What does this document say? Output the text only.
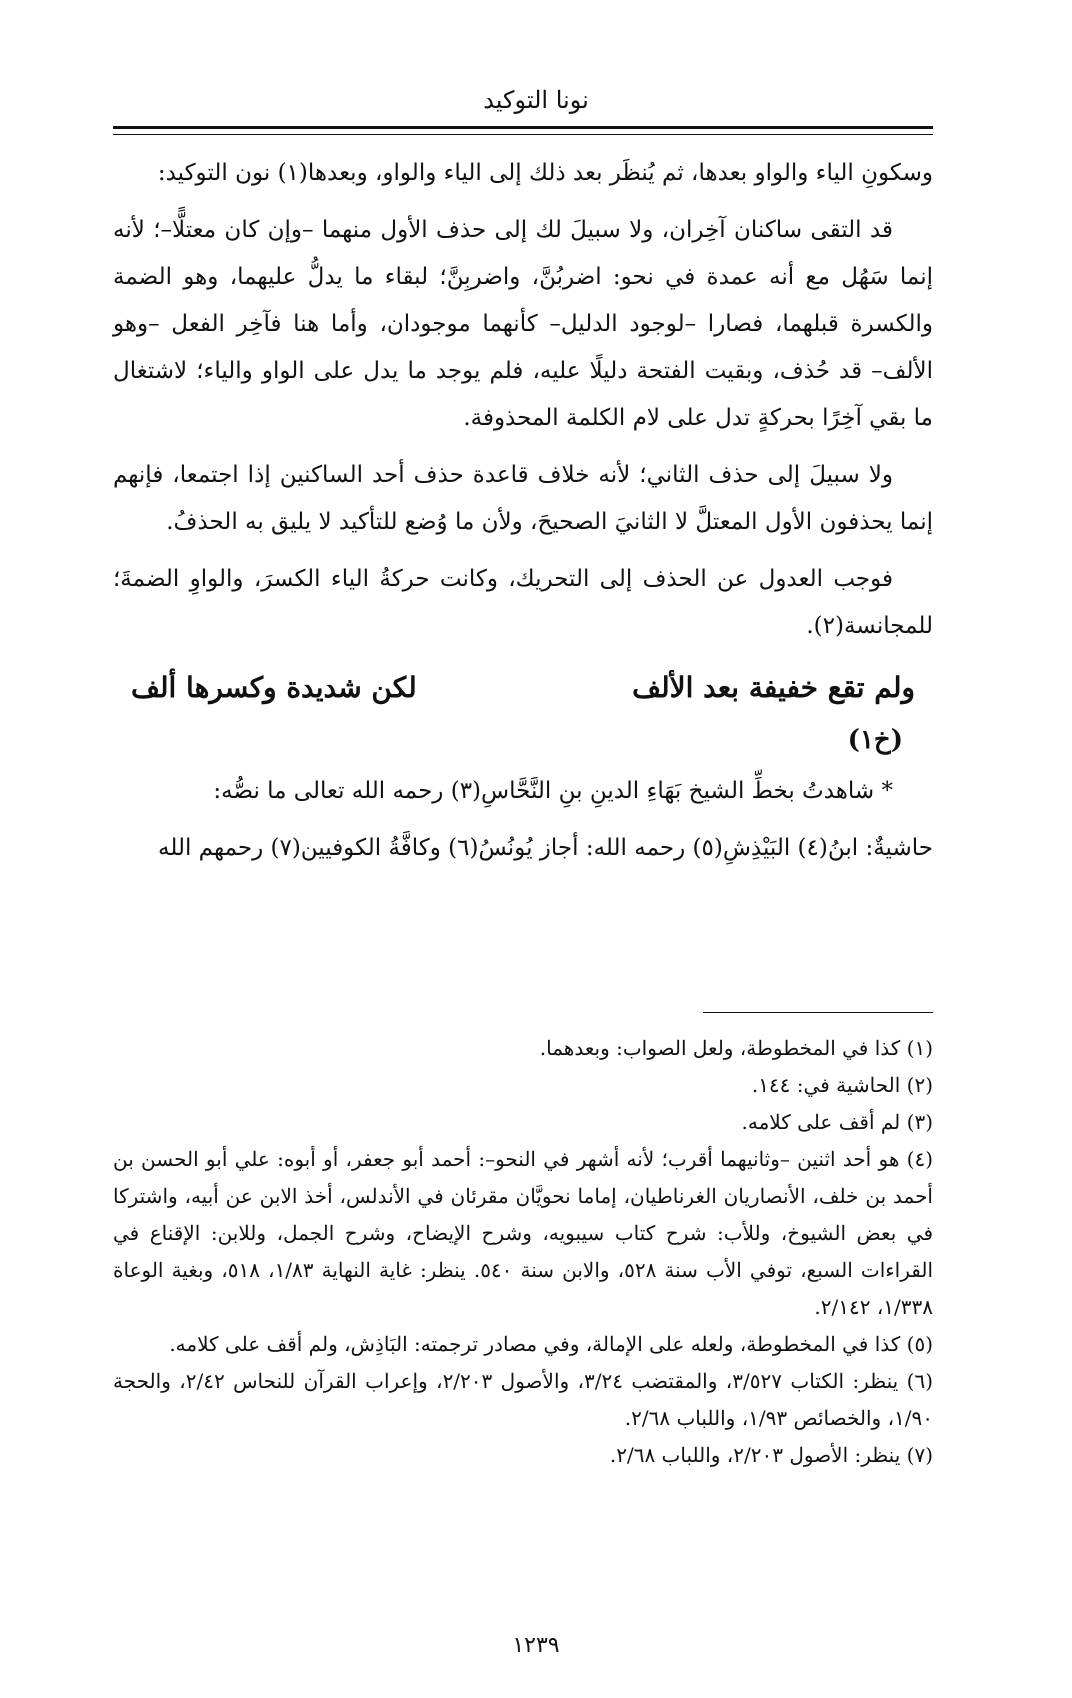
نونا التوكيد

وسكونِ الياء والواو بعدها، ثم يُنظَر بعد ذلك إلى الياء والواو، وبعدها(١) نون التوكيد:

قد التقى ساكنان آخِران، ولا سبيلَ لك إلى حذف الأول منهما –وإن كان معتلًّا–؛ لأنه إنما سَهُل مع أنه عمدة في نحو: اضربُنَّ، واضربِنَّ؛ لبقاء ما يدلُّ عليهما، وهو الضمة والكسرة قبلهما، فصارا –لوجود الدليل– كأنهما موجودان، وأما هنا فآخِر الفعل –وهو الألف– قد حُذف، وبقيت الفتحة دليلًا عليه، فلم يوجد ما يدل على الواو والياء؛ لاشتغال ما بقي آخِرًا بحركةٍ تدل على لام الكلمة المحذوفة.

ولا سبيلَ إلى حذف الثاني؛ لأنه خلاف قاعدة حذف أحد الساكنين إذا اجتمعا، فإنهم إنما يحذفون الأول المعتلَّ لا الثانيَ الصحيحَ، ولأن ما وُضع للتأكيد لا يليق به الحذفُ.

فوجب العدول عن الحذف إلى التحريك، وكانت حركةُ الياء الكسرَ، والواوِ الضمةَ؛ للمجانسة(٢).

ولم تقع خفيفة بعد الألف
لكن شديدة وكسرها ألف
(خ١)

* شاهدتُ بخطِّ الشيخ بَهَاءِ الدينِ بنِ النَّحَّاسِ(٣) رحمه الله تعالى ما نصُّه:

حاشيةٌ: ابنُ(٤) البَيْذِشِ(٥) رحمه الله: أجاز يُونُسُ(٦) وكافَّةُ الكوفيين(٧) رحمهم الله

(١) كذا في المخطوطة، ولعل الصواب: وبعدهما.

(٢) الحاشية في: ١٤٤.

(٣) لم أقف على كلامه.

(٤) هو أحد اثنين –وثانيهما أقرب؛ لأنه أشهر في النحو–: أحمد أبو جعفر، أو أبوه: علي أبو الحسن بن أحمد بن خلف، الأنصاريان الغرناطيان، إماما نحويَّان مقرئان في الأندلس، أخذ الابن عن أبيه، واشتركا في بعض الشيوخ، وللأب: شرح كتاب سيبويه، وشرح الإيضاح، وشرح الجمل، وللابن: الإقناع في القراءات السبع، توفي الأب سنة ٥٢٨، والابن سنة ٥٤٠. ينظر: غاية النهاية ١/٨٣، ٥١٨، وبغية الوعاة ١/٣٣٨، ٢/١٤٢.

(٥) كذا في المخطوطة، ولعله على الإمالة، وفي مصادر ترجمته: البَاذِش، ولم أقف على كلامه.

(٦) ينظر: الكتاب ٣/٥٢٧، والمقتضب ٣/٢٤، والأصول ٢/٢٠٣، وإعراب القرآن للنحاس ٢/٤٢، والحجة ١/٩٠، والخصائص ١/٩٣، واللباب ٢/٦٨.

(٧) ينظر: الأصول ٢/٢٠٣، واللباب ٢/٦٨.

١٢٣٩
